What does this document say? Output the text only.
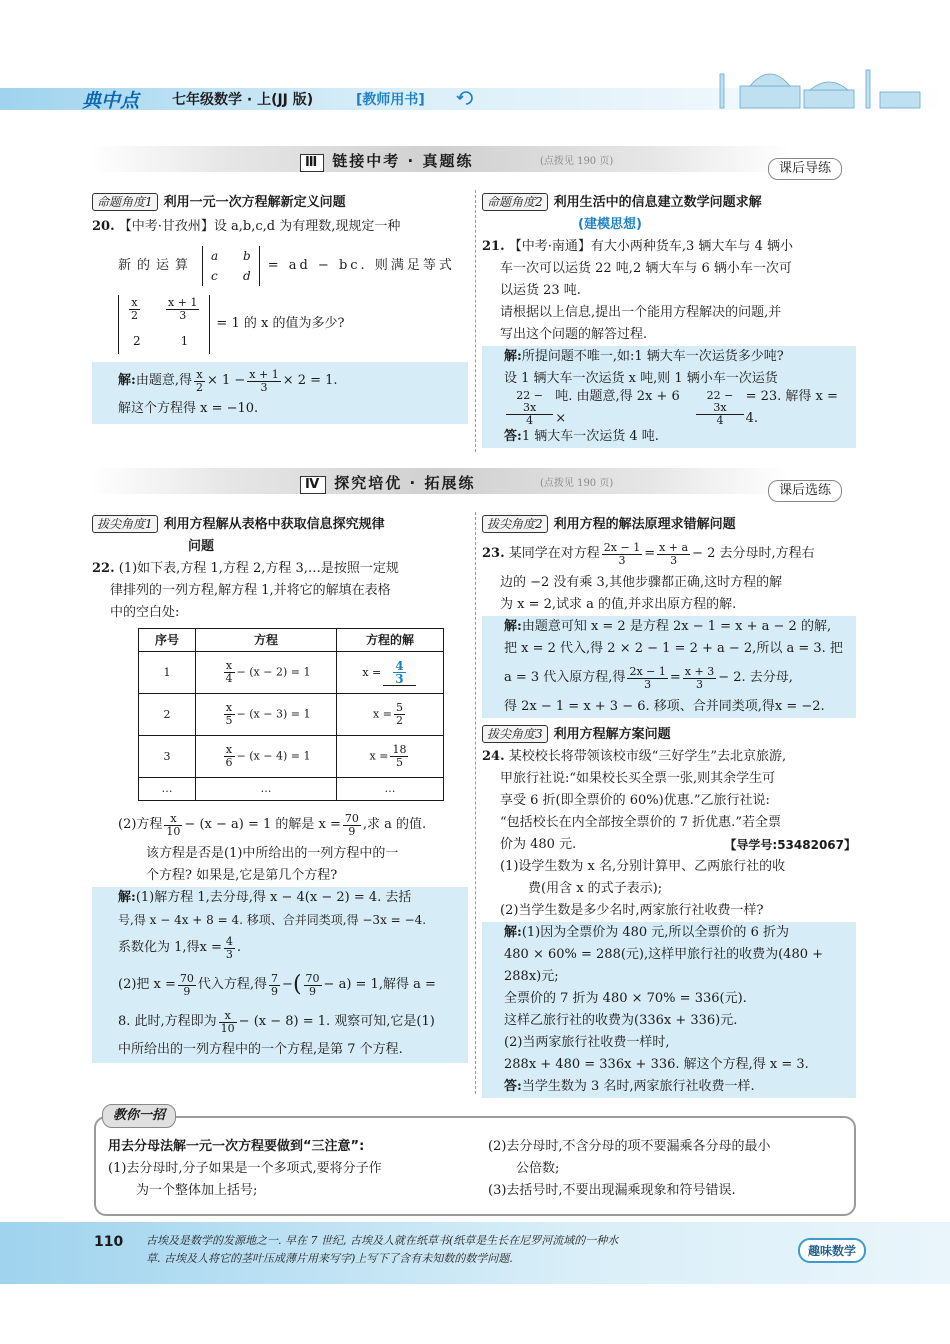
典中点 七年级数学 · 上(JJ 版)	[教师用书]
Ⅲ 链接中考 · 真题练	(点拨见 190 页)	课后导练
命题角度1 利用一元一次方程解新定义问题
20. 【中考·甘孜州】设 a,b,c,d 为有理数,现规定一种
新的运算
a b
c d
= ad − bc. 则满足等式
$\frac{x}{2} \frac{x + 1}{3}$
2	1
= 1 的 x 的值为多少?
解: 由题意,得 $\frac{x}{2} \times 1 - \frac{x + 1}{3} \times 2 = 1$.
解这个方程得 x = −10.
命题角度2 利用生活中的信息建立数学问题求解
(建模思想)
21. 【中考·南通】有大小两种货车,3 辆大车与 4 辆小
车一次可以运货 22 吨,2 辆大车与 6 辆小车一次可
以运货 23 吨.
请根据以上信息,提出一个能用方程解决的问题,并
写出这个问题的解答过程.
解:所提问题不唯一,如:1 辆大车一次运货多少吨?
设 1 辆大车一次运货 x 吨,则 1 辆小车一次运货
$\frac{22 - 3x}{4}$ 吨. 由题意,得 2x + 6 ×	$\frac{22 - 3x}{4} = 23$. 解得 x = 4.
答:1 辆大车一次运货 4 吨.
Ⅳ 探究培优 · 拓展练	(点拨见 190 页)	课后选练
拔尖角度1 利用方程解从表格中获取信息探究规律
问题
22. (1)如下表,方程 1,方程 2,方程 3,…是按照一定规
律排列的一列方程,解方程 1,并将它的解填在表格
中的空白处:
序号	方程	方程的解
1	$\frac{x}{4} - (x - 2) = 1$	$x = \frac{4}{3}$

2	$\frac{x}{5} - (x - 3) = 1$	$x = \frac{5}{2}$

3	$\frac{x}{6} - (x - 4) = 1$	$x = \frac{18}{5}$

…	…	…
(2)方程 $\frac{x}{10} - (x - a) = 1$ 的解是 $x = \frac{70}{9}$ ,求 a 的值.
该方程是否是(1)中所给出的一列方程中的一
个方程? 如果是,它是第几个方程?
解:(1)解方程 1,去分母,得 x − 4(x − 2) = 4. 去括
号,得 x − 4x + 8 = 4. 移项、合并同类项,得 −3x = −4.
系数化为 1,得$x = \frac{4}{3}$ .
(2)把 $x = \frac{70}{9}$ 代入方程,得 $\frac{7}{9}$ − ( $\frac{70}{9} - a) = 1$,解得 a =
8. 此时,方程即为 $\frac{x}{10} - (x - 8) = 1$. 观察可知,它是(1)
中所给出的一列方程中的一个方程,是第 7 个方程.
拔尖角度2 利用方程的解法原理求错解问题
23.
某同学在对方程 $\frac{2x - 1}{3} = \frac{x + a}{3} - 2$ 去分母时,方程右
边的 −2 没有乘 3,其他步骤都正确,这时方程的解
为 x = 2,试求 a 的值,并求出原方程的解.
解:由题意可知 x = 2 是方程 2x − 1 = x + a − 2 的解,
把 x = 2 代入,得 2 × 2 − 1 = 2 + a − 2,所以 a = 3. 把
a = 3 代入原方程,得 $\frac{2x - 1}{3} = \frac{x + 3}{3} - 2$. 去分母,
得 2x − 1 = x + 3 − 6. 移项、合并同类项,得x = −2.
拔尖角度3 利用方程解方案问题
24. 某校校长将带领该校市级“三好学生”去北京旅游,
甲旅行社说:“如果校长买全票一张,则其余学生可
享受 6 折(即全票价的 60%)优惠.”乙旅行社说:
“包括校长在内全部按全票价的 7 折优惠.”若全票
价为 480 元.	【导学号:53482067】
(1)设学生数为 x 名,分别计算甲、乙两旅行社的收
费(用含 x 的式子表示);
(2)当学生数是多少名时,两家旅行社收费一样?
解:(1)因为全票价为 480 元,所以全票价的 6 折为
480 × 60% = 288(元),这样甲旅行社的收费为(480 +
288x)元;
全票价的 7 折为 480 × 70% = 336(元).
这样乙旅行社的收费为(336x + 336)元.
(2)当两家旅行社收费一样时,
288x + 480 = 336x + 336. 解这个方程,得 x = 3.
答:当学生数为 3 名时,两家旅行社收费一样.
教你一招
用去分母法解一元一次方程要做到“三注意”:
(1)去分母时,分子如果是一个多项式,要将分子作
为一个整体加上括号;
(2)去分母时,不含分母的项不要漏乘各分母的最小
公倍数;
(3)去括号时,不要出现漏乘现象和符号错误.
110 古埃及是数学的发源地之一. 早在 7 世纪, 古埃及人就在纸草书(纸草是生长在尼罗河流域的一种水
草. 古埃及人将它的茎叶压成薄片用来写字)上写下了含有未知数的数学问题.
趣味数学
